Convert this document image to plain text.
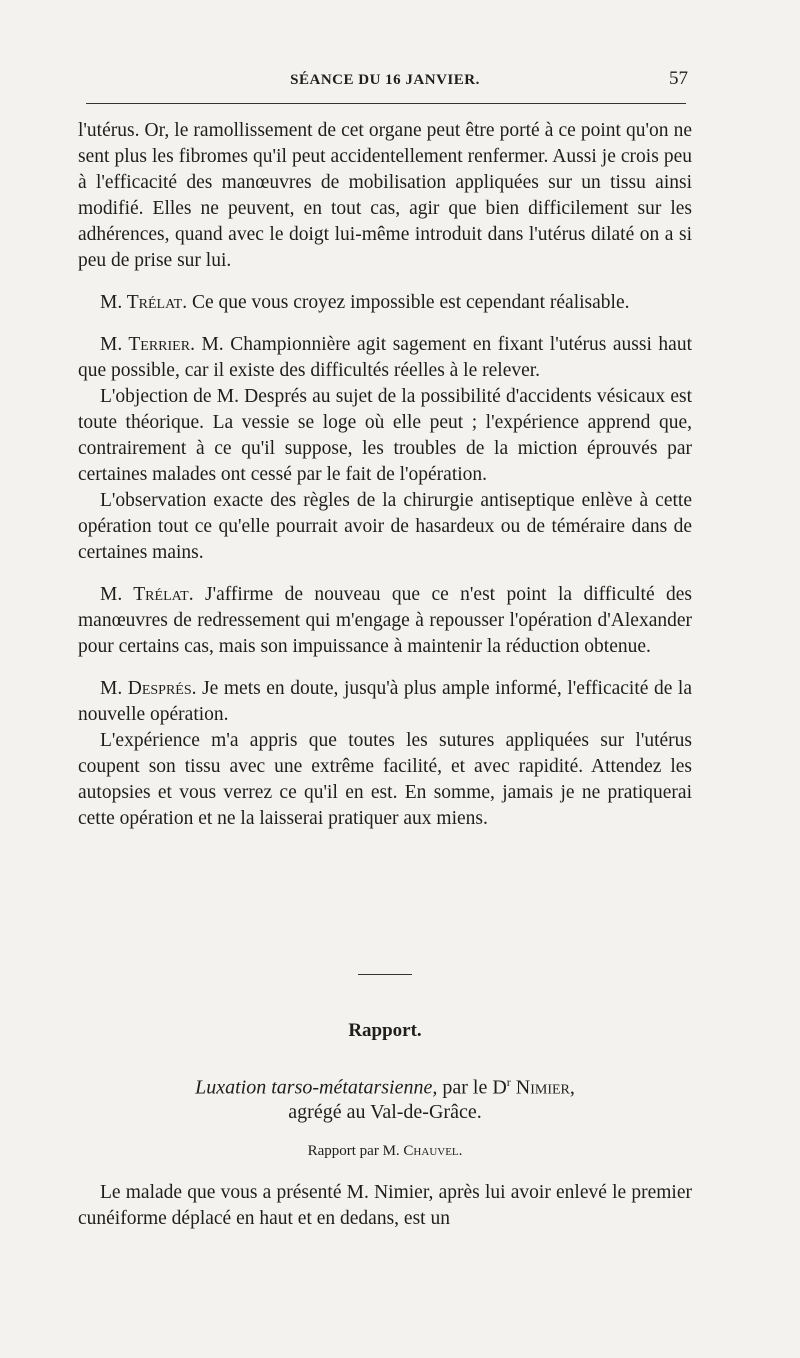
SÉANCE DU 16 JANVIER.	57

l'utérus. Or, le ramollissement de cet organe peut être porté à ce point qu'on ne sent plus les fibromes qu'il peut accidentellement renfermer. Aussi je crois peu à l'efficacité des manœuvres de mobilisation appliquées sur un tissu ainsi modifié. Elles ne peuvent, en tout cas, agir que bien difficilement sur les adhérences, quand avec le doigt lui-même introduit dans l'utérus dilaté on a si peu de prise sur lui.

M. Trélat. Ce que vous croyez impossible est cependant réalisable.

M. Terrier. M. Championnière agit sagement en fixant l'utérus aussi haut que possible, car il existe des difficultés réelles à le relever.

L'objection de M. Després au sujet de la possibilité d'accidents vésicaux est toute théorique. La vessie se loge où elle peut ; l'expérience apprend que, contrairement à ce qu'il suppose, les troubles de la miction éprouvés par certaines malades ont cessé par le fait de l'opération.

L'observation exacte des règles de la chirurgie antiseptique enlève à cette opération tout ce qu'elle pourrait avoir de hasardeux ou de téméraire dans de certaines mains.

M. Trélat. J'affirme de nouveau que ce n'est point la difficulté des manœuvres de redressement qui m'engage à repousser l'opération d'Alexander pour certains cas, mais son impuissance à maintenir la réduction obtenue.

M. Després. Je mets en doute, jusqu'à plus ample informé, l'efficacité de la nouvelle opération.

L'expérience m'a appris que toutes les sutures appliquées sur l'utérus coupent son tissu avec une extrême facilité, et avec rapidité. Attendez les autopsies et vous verrez ce qu'il en est. En somme, jamais je ne pratiquerai cette opération et ne la laisserai pratiquer aux miens.

Rapport.
Luxation tarso-métatarsienne, par le $D^r$ Nimier,
agrégé au Val-de-Grâce.
Rapport par M. Chauvel.

Le malade que vous a présenté M. Nimier, après lui avoir enlevé le premier cunéiforme déplacé en haut et en dedans, est un
